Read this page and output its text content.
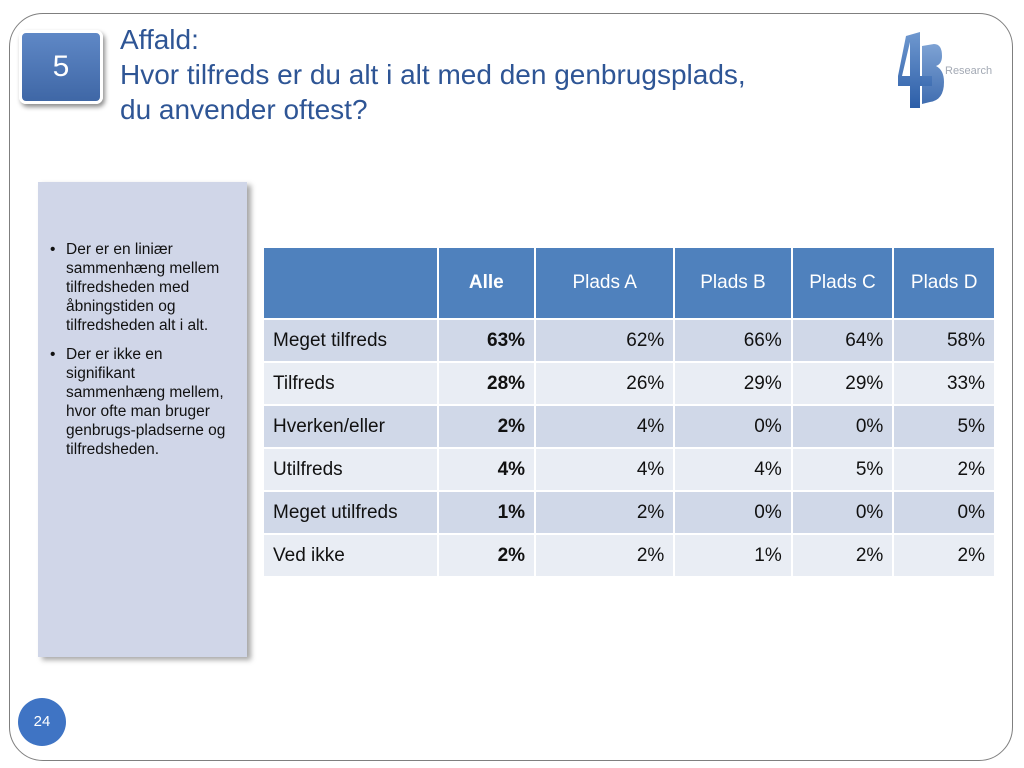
5
Affald:
Hvor tilfreds er du alt i alt med den genbrugsplads,
du anvender oftest?
Research
• Der er en liniær sammenhæng mellem tilfredsheden med åbningstiden og tilfredsheden alt i alt.
• Der er ikke en signifikant sammenhæng mellem, hvor ofte man bruger genbrugs-pladserne og tilfredsheden.
	Alle	Plads A	Plads B	Plads C	Plads D
Meget tilfreds	63%	62%	66%	64%	58%
Tilfreds	28%	26%	29%	29%	33%
Hverken/eller	2%	4%	0%	0%	5%
Utilfreds	4%	4%	4%	5%	2%
Meget utilfreds	1%	2%	0%	0%	0%
Ved ikke	2%	2%	1%	2%	2%
24
